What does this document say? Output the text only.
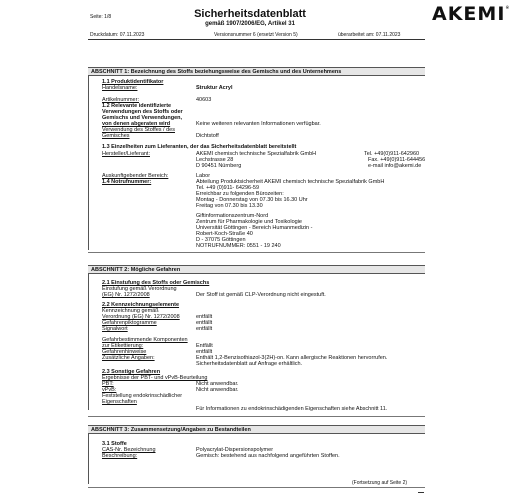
Seite: 1/8	AKEMI®
Sicherheitsdatenblatt
gemäß 1907/2006/EG, Artikel 31
Druckdatum: 07.11.2023	Versionsnummer 6 (ersetzt Version 5)	überarbeitet am: 07.11.2023
ABSCHNITT 1: Bezeichnung des Stoffs beziehungsweise des Gemischs und des Unternehmens
1.1 Produktidentifikator
Handelsname:	Struktur Acryl
Artikelnummer:	40603
1.2 Relevante identifizierte
Verwendungen des Stoffs oder
Gemischs und Verwendungen,
von denen abgeraten wird	Keine weiteren relevanten Informationen verfügbar.
Verwendung des Stoffes / des
Gemisches	Dichtstoff
1.3 Einzelheiten zum Lieferanten, der das Sicherheitsdatenblatt bereitstellt
Hersteller/Lieferant:	AKEMI chemisch technische Spezialfabrik GmbH
Lechstrasse 28
D 90451 Nürnberg
Tel. +49(0)911-642960
Fax. +49(0)911-644456
e-mail info@akemi.de
Auskunftgebender Bereich:	Labor
1.4 Notrufnummer:	Abteilung Produktsicherheit AKEMI chemisch technische Spezialfabrik GmbH
Tel. +49 (0)911- 64296-59
Erreichbar zu folgenden Bürozeiten:
Montag - Donnerstag von 07.30 bis 16.30 Uhr
Freitag von 07.30 bis 13.30
Giftinformationszentrum-Nord
Zentrum für Pharmakologie und Toxikologie
Universität Göttingen - Bereich Humanmedizin -
Robert-Koch-Straße 40
D - 37075 Göttingen
NOTRUFNUMMER: 0551 - 19 240
ABSCHNITT 2: Mögliche Gefahren
2.1 Einstufung des Stoffs oder Gemischs
Einstufung gemäß Verordnung
(EG) Nr. 1272/2008	Der Stoff ist gemäß CLP-Verordnung nicht eingestuft.
2.2 Kennzeichnungselemente
Kennzeichnung gemäß
Verordnung (EG) Nr. 1272/2008	entfällt
Gefahrenpiktogramme	entfällt
Signalwort	entfällt
Gefahrbestimmende Komponenten
zur Etikettierung:	Entfällt
Gefahrenhinweise	entfällt
Zusätzliche Angaben:	Enthält 1,2-Benzisothiazol-3(2H)-on. Kann allergische Reaktionen hervorrufen.
Sicherheitsdatenblatt auf Anfrage erhältlich.
2.3 Sonstige Gefahren
Ergebnisse der PBT- und vPvB-Beurteilung
PBT:	Nicht anwendbar.
vPvB:	Nicht anwendbar.
Feststellung endokrinschädlicher
Eigenschaften
Für Informationen zu endokrinschädigenden Eigenschaften siehe Abschnitt 11.
ABSCHNITT 3: Zusammensetzung/Angaben zu Bestandteilen
3.1 Stoffe
CAS-Nr. Bezeichnung	Polyacrylat-Dispersionspolymer
Beschreibung:	Gemisch: bestehend aus nachfolgend angeführten Stoffen.
(Fortsetzung auf Seite 2)
